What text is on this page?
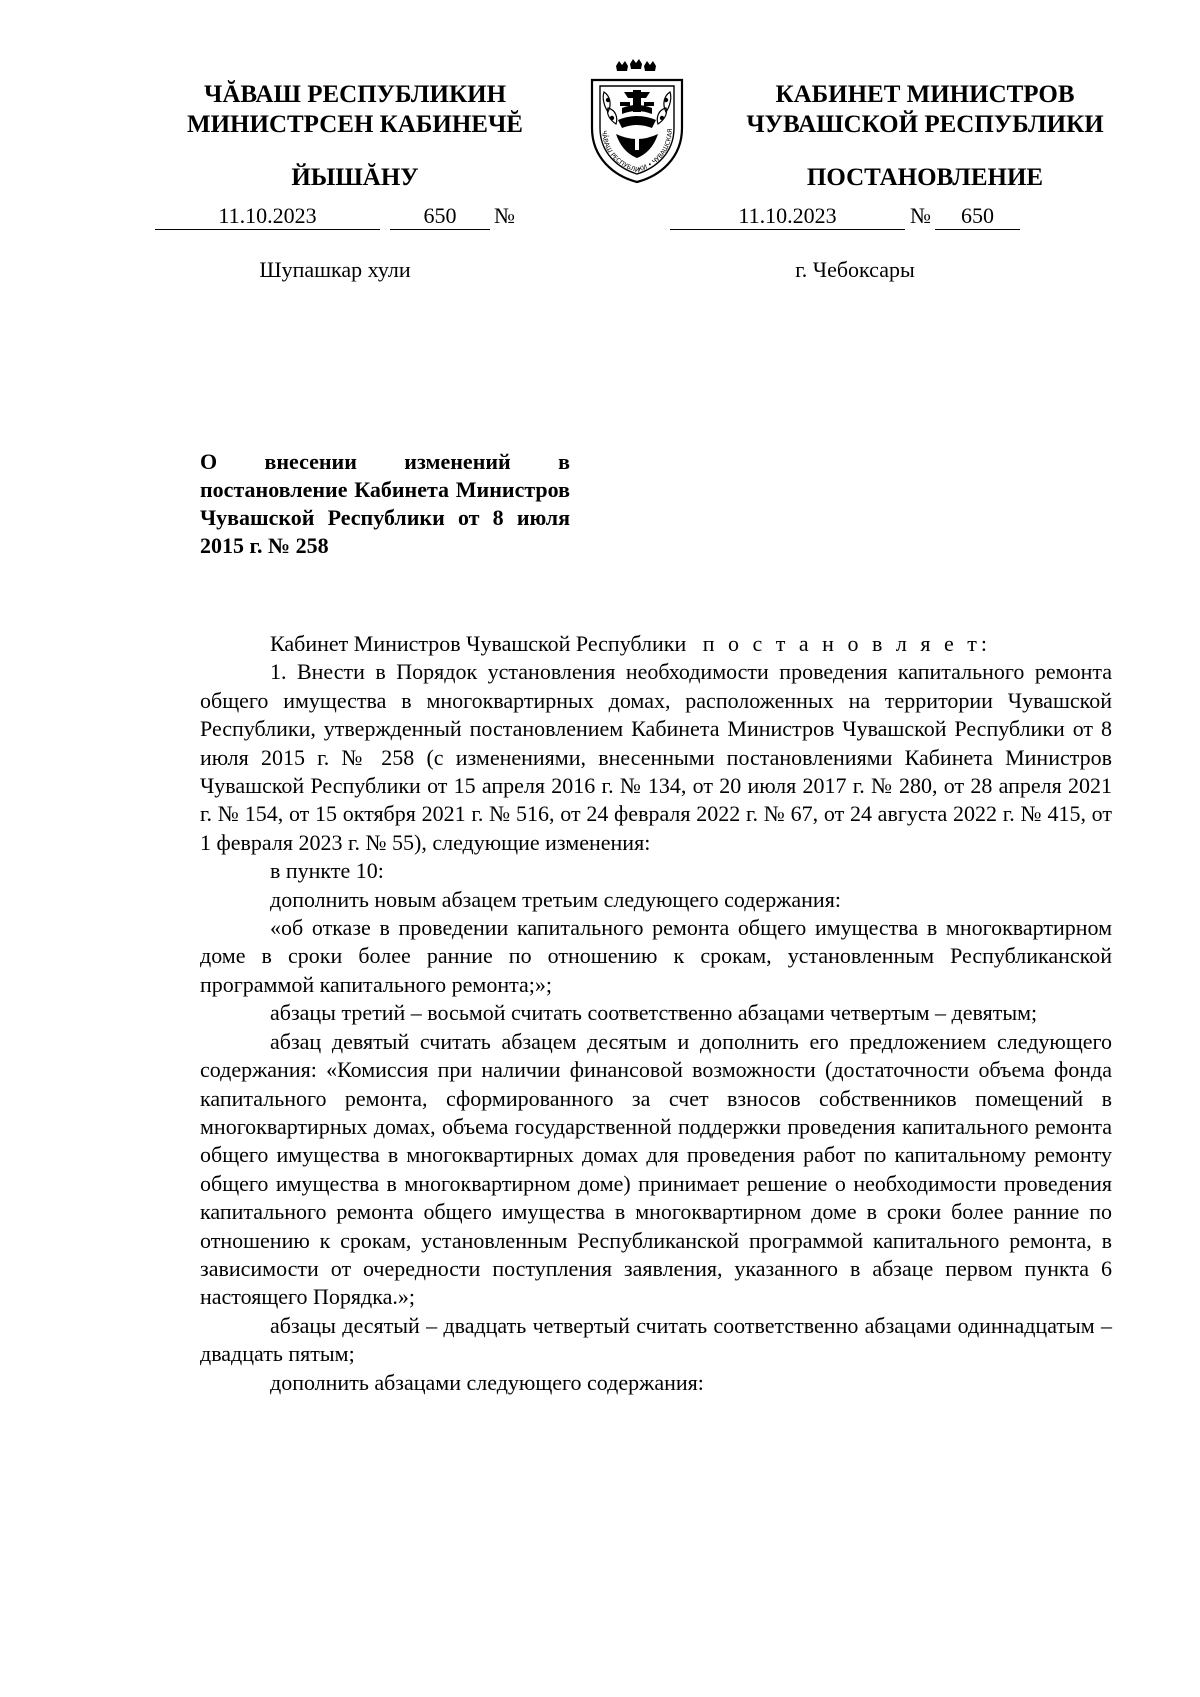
ЧĂВАШ РЕСПУБЛИКИН
МИНИСТРСЕН КАБИНЕЧĔ
ЙЫШĂНУ
КАБИНЕТ МИНИСТРОВ
ЧУВАШСКОЙ РЕСПУБЛИКИ
ПОСТАНОВЛЕНИЕ
ЧĂВАШ РЕСПУБЛИКИ • ЧУВАШСКАЯ
11.10.2023	650	№	11.10.2023	№	650
Шупашкар хули	г. Чебоксары
О внесении изменений в постановление Кабинета Министров Чувашской Республики от 8 июля 2015 г. № 258

Кабинет Министров Чувашской Республики п о с т а н о в л я е т:

1. Внести в Порядок установления необходимости проведения капитального ремонта общего имущества в многоквартирных домах, расположенных на территории Чувашской Республики, утвержденный постановлением Кабинета Министров Чувашской Республики от 8 июля 2015 г. № 258 (с изменениями, внесенными постановлениями Кабинета Министров Чувашской Республики от 15 апреля 2016 г. № 134, от 20 июля 2017 г. № 280, от 28 апреля 2021 г. № 154, от 15 октября 2021 г. № 516, от 24 февраля 2022 г. № 67, от 24 августа 2022 г. № 415, от 1 февраля 2023 г. № 55), следующие изменения:

в пункте 10:

дополнить новым абзацем третьим следующего содержания:

«об отказе в проведении капитального ремонта общего имущества в многоквартирном доме в сроки более ранние по отношению к срокам, установленным Республиканской программой капитального ремонта;»;

абзацы третий – восьмой считать соответственно абзацами четвертым – девятым;

абзац девятый считать абзацем десятым и дополнить его предложением следующего содержания: «Комиссия при наличии финансовой возможности (достаточности объема фонда капитального ремонта, сформированного за счет взносов собственников помещений в многоквартирных домах, объема государственной поддержки проведения капитального ремонта общего имущества в многоквартирных домах для проведения работ по капитальному ремонту общего имущества в многоквартирном доме) принимает решение о необходимости проведения капитального ремонта общего имущества в многоквартирном доме в сроки более ранние по отношению к срокам, установленным Республиканской программой капитального ремонта, в зависимости от очередности поступления заявления, указанного в абзаце первом пункта 6 настоящего Порядка.»;

абзацы десятый – двадцать четвертый считать соответственно абзацами одиннадцатым – двадцать пятым;

дополнить абзацами следующего содержания:
